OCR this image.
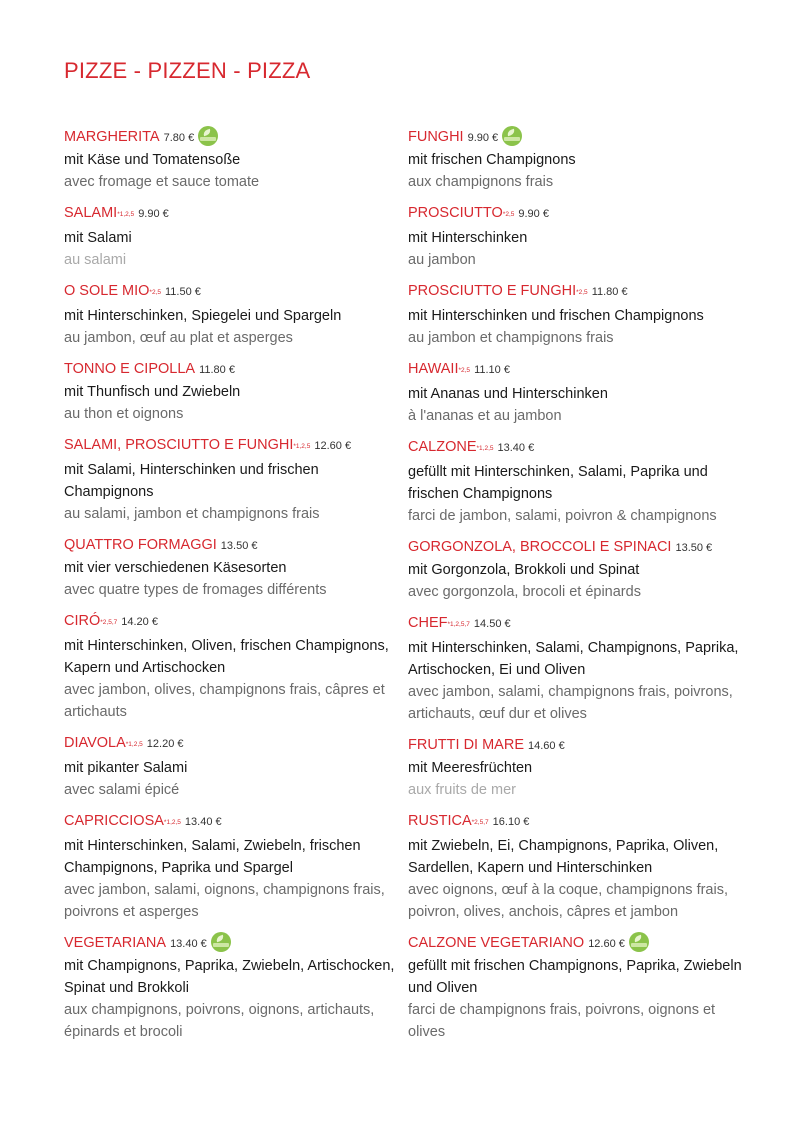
PIZZE - PIZZEN - PIZZA
MARGHERITA 7.80 €
mit Käse und Tomatensoße
avec fromage et sauce tomate
SALAMI*1,2,5 9.90 €
mit Salami
au salami
O SOLE MIO*2,5 11.50 €
mit Hinterschinken, Spiegelei und Spargeln
au jambon, œuf au plat et asperges
TONNO E CIPOLLA 11.80 €
mit Thunfisch und Zwiebeln
au thon et oignons
SALAMI, PROSCIUTTO E FUNGHI*1,2,5 12.60 €
mit Salami, Hinterschinken und frischen Champignons
au salami, jambon et champignons frais
QUATTRO FORMAGGI 13.50 €
mit vier verschiedenen Käsesorten
avec quatre types de fromages différents
CIRÓ*2,5,7 14.20 €
mit Hinterschinken, Oliven, frischen Champignons, Kapern und Artischocken
avec jambon, olives, champignons frais, câpres et artichauts
DIAVOLA*1,2,5 12.20 €
mit pikanter Salami
avec salami épicé
CAPRICCIOSA*1,2,5 13.40 €
mit Hinterschinken, Salami, Zwiebeln, frischen Champignons, Paprika und Spargel
avec jambon, salami, oignons, champignons frais, poivrons et asperges
VEGETARIANA 13.40 €
mit Champignons, Paprika, Zwiebeln, Artischocken, Spinat und Brokkoli
aux champignons, poivrons, oignons, artichauts, épinards et brocoli
FUNGHI 9.90 €
mit frischen Champignons
aux champignons frais
PROSCIUTTO*2,5 9.90 €
mit Hinterschinken
au jambon
PROSCIUTTO E FUNGHI*2,5 11.80 €
mit Hinterschinken und frischen Champignons
au jambon et champignons frais
HAWAII*2,5 11.10 €
mit Ananas und Hinterschinken
à l'ananas et au jambon
CALZONE*1,2,5 13.40 €
gefüllt mit Hinterschinken, Salami, Paprika und frischen Champignons
farci de jambon, salami, poivron & champignons
GORGONZOLA, BROCCOLI E SPINACI 13.50 €
mit Gorgonzola, Brokkoli und Spinat
avec gorgonzola, brocoli et épinards
CHEF*1,2,5,7 14.50 €
mit Hinterschinken, Salami, Champignons, Paprika, Artischocken, Ei und Oliven
avec jambon, salami, champignons frais, poivrons, artichauts, œuf dur et olives
FRUTTI DI MARE 14.60 €
mit Meeresfrüchten
aux fruits de mer
RUSTICA*2,5,7 16.10 €
mit Zwiebeln, Ei, Champignons, Paprika, Oliven, Sardellen, Kapern und Hinterschinken
avec oignons, œuf à la coque, champignons frais, poivron, olives, anchois, câpres et jambon
CALZONE VEGETARIANO 12.60 €
gefüllt mit frischen Champignons, Paprika, Zwiebeln und Oliven
farci de champignons frais, poivrons, oignons et olives
